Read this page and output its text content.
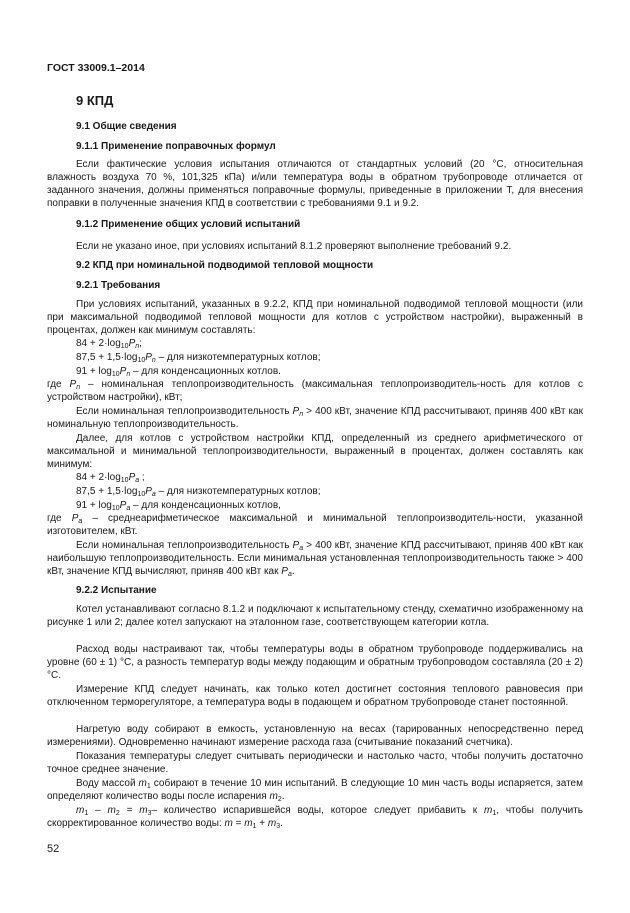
ГОСТ 33009.1–2014
9 КПД
9.1 Общие сведения
9.1.1 Применение поправочных формул

Если фактические условия испытания отличаются от стандартных условий (20 °С, относительная влажность воздуха 70 %, 101,325 кПа) и/или температура воды в обратном трубопроводе отличается от заданного значения, должны применяться поправочные формулы, приведенные в приложении Т, для внесения поправки в полученные значения КПД в соответствии с требованиями 9.1 и 9.2.

9.1.2 Применение общих условий испытаний

Если не указано иное, при условиях испытаний 8.1.2 проверяют выполнение требований 9.2.

9.2 КПД при номинальной подводимой тепловой мощности
9.2.1 Требования

При условиях испытаний, указанных в 9.2.2, КПД при номинальной подводимой тепловой мощности (или при максимальной подводимой тепловой мощности для котлов с устройством настройки), выраженный в процентах, должен как минимум составлять:

$84 + 2\cdot\log_{10}P_n$;
$87,5 + 1,5\cdot\log_{10}P_n$ – для низкотемпературных котлов;
$91 + \log_{10}P_n$ – для конденсационных котлов.

где $P_n$ – номинальная теплопроизводительность (максимальная теплопроизводитель-ность для котлов с устройством настройки), кВт;

Если номинальная теплопроизводительность $P_n > 400$ кВт, значение КПД рассчитывают, приняв 400 кВт как номинальную теплопроизводительность.

Далее, для котлов с устройством настройки КПД, определенный из среднего арифметического от максимальной и минимальной теплопроизводительности, выраженный в процентах, должен составлять как минимум:

$84 + 2\cdot\log_{10}P_a$ ;
$87,5 + 1,5\cdot\log_{10}P_a$ – для низкотемпературных котлов;
$91 + \log_{10}P_a$ – для конденсационных котлов,

где $P_a$ – среднеарифметическое максимальной и минимальной теплопроизводитель-ности, указанной изготовителем, кВт.

Если номинальная теплопроизводительность $P_a > 400$ кВт, значение КПД рассчитывают, приняв 400 кВт как наибольшую теплопроизводительность. Если минимальная установленная теплопроизводительность также > 400 кВт, значение КПД вычисляют, приняв 400 кВт как $P_a$.

9.2.2 Испытание

Котел устанавливают согласно 8.1.2 и подключают к испытательному стенду, схематично изображенному на рисунке 1 или 2; далее котел запускают на эталонном газе, соответствующем категории котла.

Расход воды настраивают так, чтобы температуры воды в обратном трубопроводе поддерживались на уровне (60 ± 1) °С, а разность температур воды между подающим и обратным трубопроводом составляла (20 ± 2) °С.

Измерение КПД следует начинать, как только котел достигнет состояния теплового равновесия при отключенном терморегуляторе, а температура воды в подающем и обратном трубопроводе станет постоянной.

Нагретую воду собирают в емкость, установленную на весах (тарированных непосредственно перед измерениями). Одновременно начинают измерение расхода газа (считывание показаний счетчика).

Показания температуры следует считывать периодически и настолько часто, чтобы получить достаточно точное среднее значение.

Воду массой $m_1$ собирают в течение 10 мин испытаний. В следующие 10 мин часть воды испаряется, затем определяют количество воды после испарения $m_2$.

$m_1 - m_2 = m_3-$ количество испарившейся воды, которое следует прибавить к $m_1$, чтобы получить скорректированное количество воды: $m = m_1 + m_3$.

52
